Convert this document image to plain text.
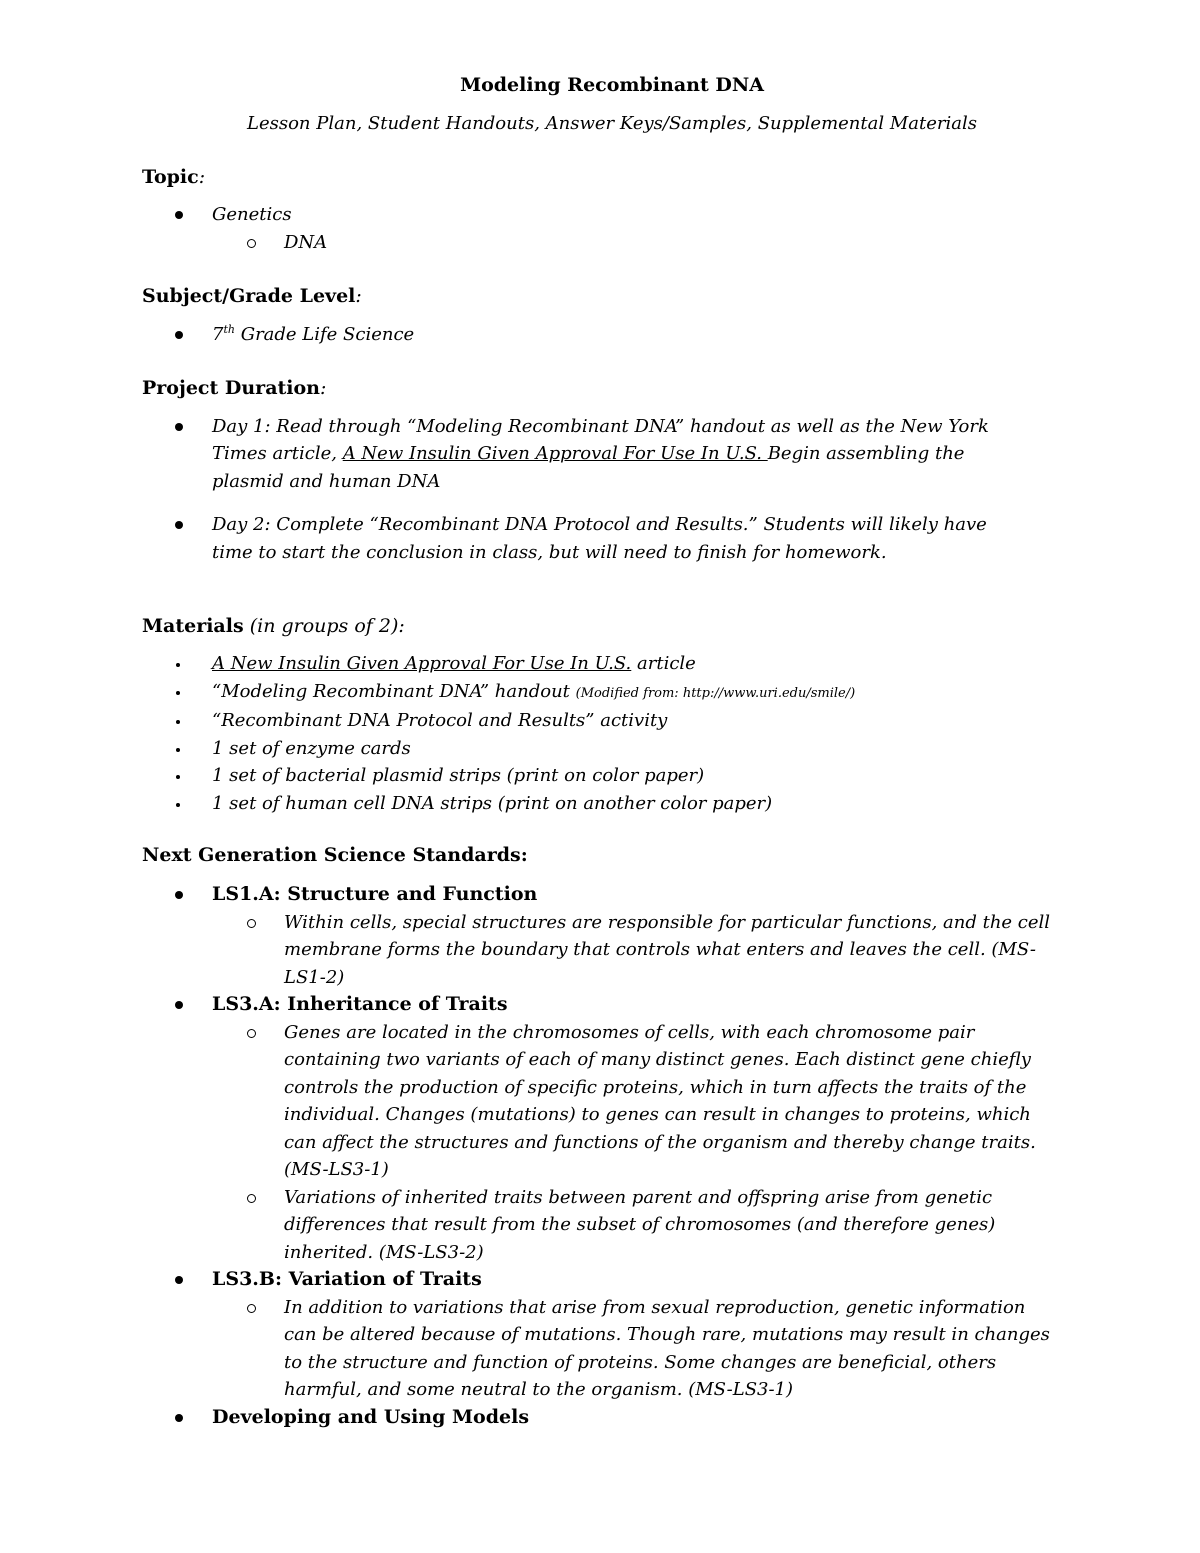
Modeling Recombinant DNA

Lesson Plan, Student Handouts, Answer Keys/Samples, Supplemental Materials

Topic:

Genetics
DNA

Subject/Grade Level:

7th Grade Life Science

Project Duration:

Day 1: Read through “Modeling Recombinant DNA” handout as well as the New York Times article, A New Insulin Given Approval For Use In U.S. Begin assembling the plasmid and human DNA
Day 2: Complete “Recombinant DNA Protocol and Results.” Students will likely have time to start the conclusion in class, but will need to finish for homework.

Materials (in groups of 2):

A New Insulin Given Approval For Use In U.S. article
“Modeling Recombinant DNA” handout (Modified from: http://www.uri.edu/smile/)
“Recombinant DNA Protocol and Results” activity
1 set of enzyme cards
1 set of bacterial plasmid strips (print on color paper)
1 set of human cell DNA strips (print on another color paper)

Next Generation Science Standards:

LS1.A: Structure and Function
Within cells, special structures are responsible for particular functions, and the cell membrane forms the boundary that controls what enters and leaves the cell. (MS-LS1-2)
LS3.A: Inheritance of Traits
Genes are located in the chromosomes of cells, with each chromosome pair containing two variants of each of many distinct genes. Each distinct gene chiefly controls the production of specific proteins, which in turn affects the traits of the individual. Changes (mutations) to genes can result in changes to proteins, which can affect the structures and functions of the organism and thereby change traits. (MS-LS3-1)
Variations of inherited traits between parent and offspring arise from genetic differences that result from the subset of chromosomes (and therefore genes) inherited. (MS-LS3-2)
LS3.B: Variation of Traits
In addition to variations that arise from sexual reproduction, genetic information can be altered because of mutations. Though rare, mutations may result in changes to the structure and function of proteins. Some changes are beneficial, others harmful, and some neutral to the organism. (MS-LS3-1)
Developing and Using Models
